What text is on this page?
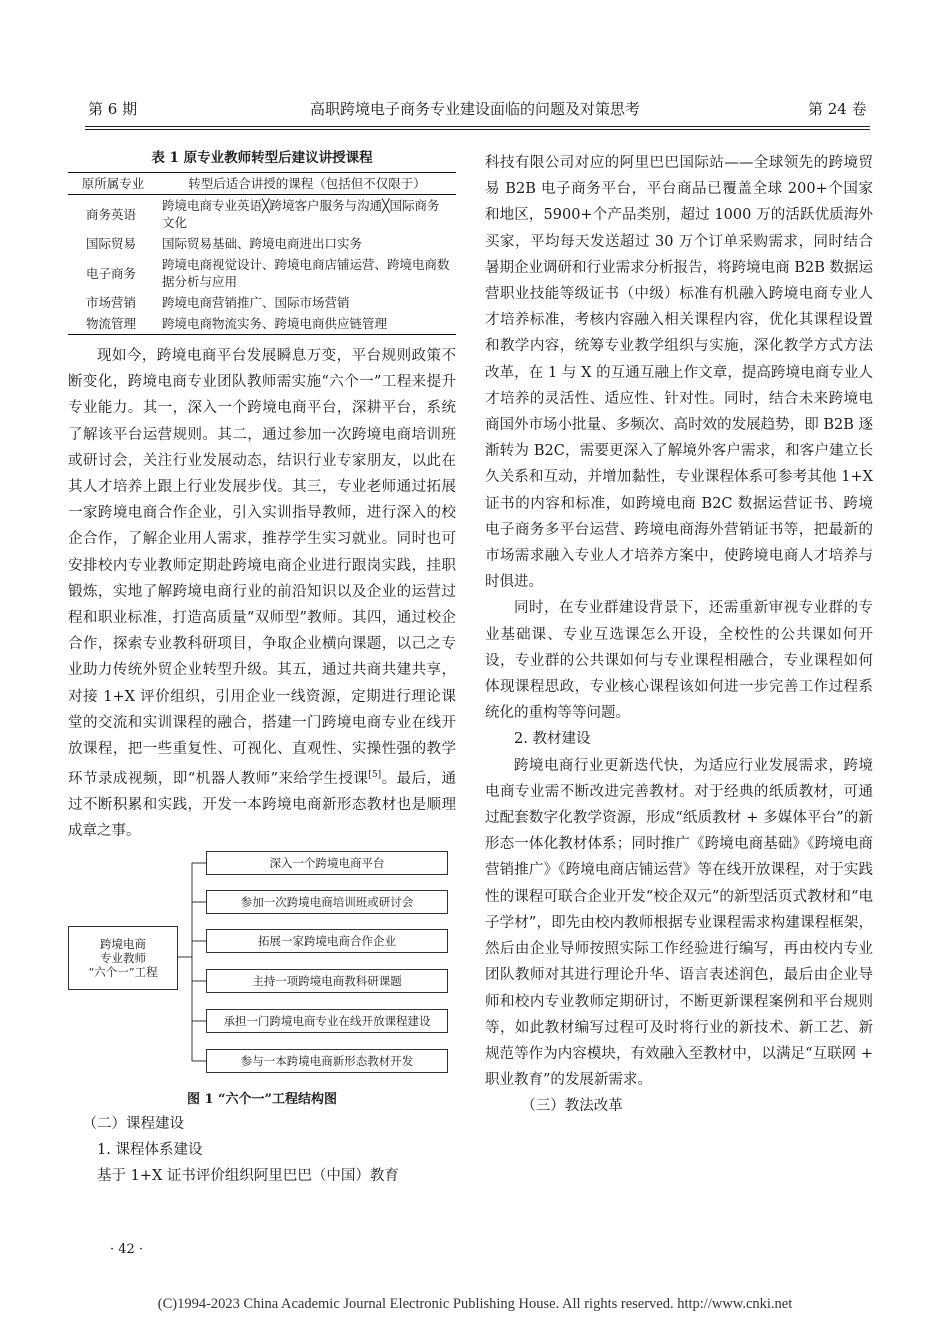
第 6 期	高职跨境电子商务专业建设面临的问题及对策思考	第 24 卷
表 1 原专业教师转型后建议讲授课程
原所属专业	转型后适合讲授的课程（包括但不仅限于）
商务英语	跨境电商专业英语╳跨境客户服务与沟通╳国际商务文化
国际贸易	国际贸易基础、跨境电商进出口实务
电子商务	跨境电商视觉设计、跨境电商店铺运营、跨境电商数据分析与应用
市场营销	跨境电商营销推广、国际市场营销
物流管理	跨境电商物流实务、跨境电商供应链管理

现如今，跨境电商平台发展瞬息万变，平台规则政策不断变化，跨境电商专业团队教师需实施“六个一”工程来提升专业能力。其一，深入一个跨境电商平台，深耕平台，系统了解该平台运营规则。其二，通过参加一次跨境电商培训班或研讨会，关注行业发展动态，结识行业专家朋友，以此在其人才培养上跟上行业发展步伐。其三，专业老师通过拓展一家跨境电商合作企业，引入实训指导教师，进行深入的校企合作，了解企业用人需求，推荐学生实习就业。同时也可安排校内专业教师定期赴跨境电商企业进行跟岗实践，挂职锻炼，实地了解跨境电商行业的前沿知识以及企业的运营过程和职业标准，打造高质量“双师型”教师。其四，通过校企合作，探索专业教科研项目，争取企业横向课题，以己之专业助力传统外贸企业转型升级。其五，通过共商共建共享，对接 1+X 评价组织，引用企业一线资源，定期进行理论课堂的交流和实训课程的融合，搭建一门跨境电商专业在线开放课程，把一些重复性、可视化、直观性、实操性强的教学环节录成视频，即“机器人教师”来给学生授课[5]。最后，通过不断积累和实践，开发一本跨境电商新形态教材也是顺理成章之事。

跨境电商
专业教师
“六个一”工程
深入一个跨境电商平台
参加一次跨境电商培训班或研讨会
拓展一家跨境电商合作企业
主持一项跨境电商教科研课题
承担一门跨境电商专业在线开放课程建设
参与一本跨境电商新形态教材开发
图 1 “六个一”工程结构图

（二）课程建设

1. 课程体系建设

基于 1+X 证书评价组织阿里巴巴（中国）教育

科技有限公司对应的阿里巴巴国际站——全球领先的跨境贸易 B2B 电子商务平台，平台商品已覆盖全球 200+个国家和地区，5900+个产品类别，超过 1000 万的活跃优质海外买家，平均每天发送超过 30 万个订单采购需求，同时结合暑期企业调研和行业需求分析报告，将跨境电商 B2B 数据运营职业技能等级证书（中级）标准有机融入跨境电商专业人才培养标准，考核内容融入相关课程内容，优化其课程设置和教学内容，统筹专业教学组织与实施，深化教学方式方法改革，在 1 与 X 的互通互融上作文章，提高跨境电商专业人才培养的灵活性、适应性、针对性。同时，结合未来跨境电商国外市场小批量、多频次、高时效的发展趋势，即 B2B 逐渐转为 B2C，需要更深入了解境外客户需求，和客户建立长久关系和互动，并增加黏性，专业课程体系可参考其他 1+X 证书的内容和标准，如跨境电商 B2C 数据运营证书、跨境电子商务多平台运营、跨境电商海外营销证书等，把最新的市场需求融入专业人才培养方案中，使跨境电商人才培养与时俱进。

同时，在专业群建设背景下，还需重新审视专业群的专业基础课、专业互选课怎么开设，全校性的公共课如何开设，专业群的公共课如何与专业课程相融合，专业课程如何体现课程思政，专业核心课程该如何进一步完善工作过程系统化的重构等等问题。

2. 教材建设

跨境电商行业更新迭代快，为适应行业发展需求，跨境电商专业需不断改进完善教材。对于经典的纸质教材，可通过配套数字化教学资源，形成“纸质教材 + 多媒体平台”的新形态一体化教材体系；同时推广《跨境电商基础》《跨境电商营销推广》《跨境电商店铺运营》等在线开放课程，对于实践性的课程可联合企业开发“校企双元”的新型活页式教材和“电子学材”，即先由校内教师根据专业课程需求构建课程框架，然后由企业导师按照实际工作经验进行编写，再由校内专业团队教师对其进行理论升华、语言表述润色，最后由企业导师和校内专业教师定期研讨，不断更新课程案例和平台规则等，如此教材编写过程可及时将行业的新技术、新工艺、新规范等作为内容模块，有效融入至教材中，以满足“互联网 + 职业教育”的发展新需求。

（三）教法改革

· 42 ·
(C)1994-2023 China Academic Journal Electronic Publishing House. All rights reserved. http://www.cnki.net
